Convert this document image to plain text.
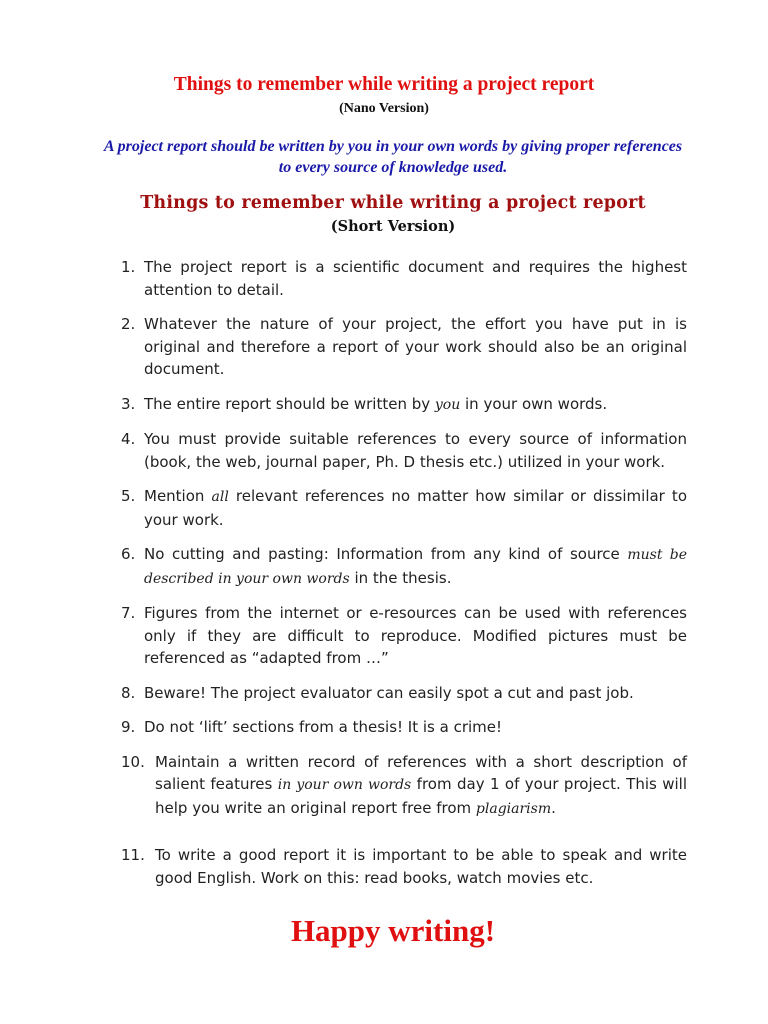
Things to remember while writing a project report
(Nano Version)
A project report should be written by you in your own words by giving proper references to every source of knowledge used.
Things to remember while writing a project report
(Short Version)
1. The project report is a scientific document and requires the highest attention to detail.
2. Whatever the nature of your project, the effort you have put in is original and therefore a report of your work should also be an original document.
3. The entire report should be written by you in your own words.
4. You must provide suitable references to every source of information (book, the web, journal paper, Ph. D thesis etc.) utilized in your work.
5. Mention all relevant references no matter how similar or dissimilar to your work.
6. No cutting and pasting: Information from any kind of source must be described in your own words in the thesis.
7. Figures from the internet or e-resources can be used with references only if they are difficult to reproduce. Modified pictures must be referenced as “adapted from …”
8. Beware! The project evaluator can easily spot a cut and past job.
9. Do not ‘lift’ sections from a thesis! It is a crime!
10. Maintain a written record of references with a short description of salient features in your own words from day 1 of your project. This will help you write an original report free from plagiarism.
11. To write a good report it is important to be able to speak and write good English. Work on this: read books, watch movies etc.
Happy writing!
